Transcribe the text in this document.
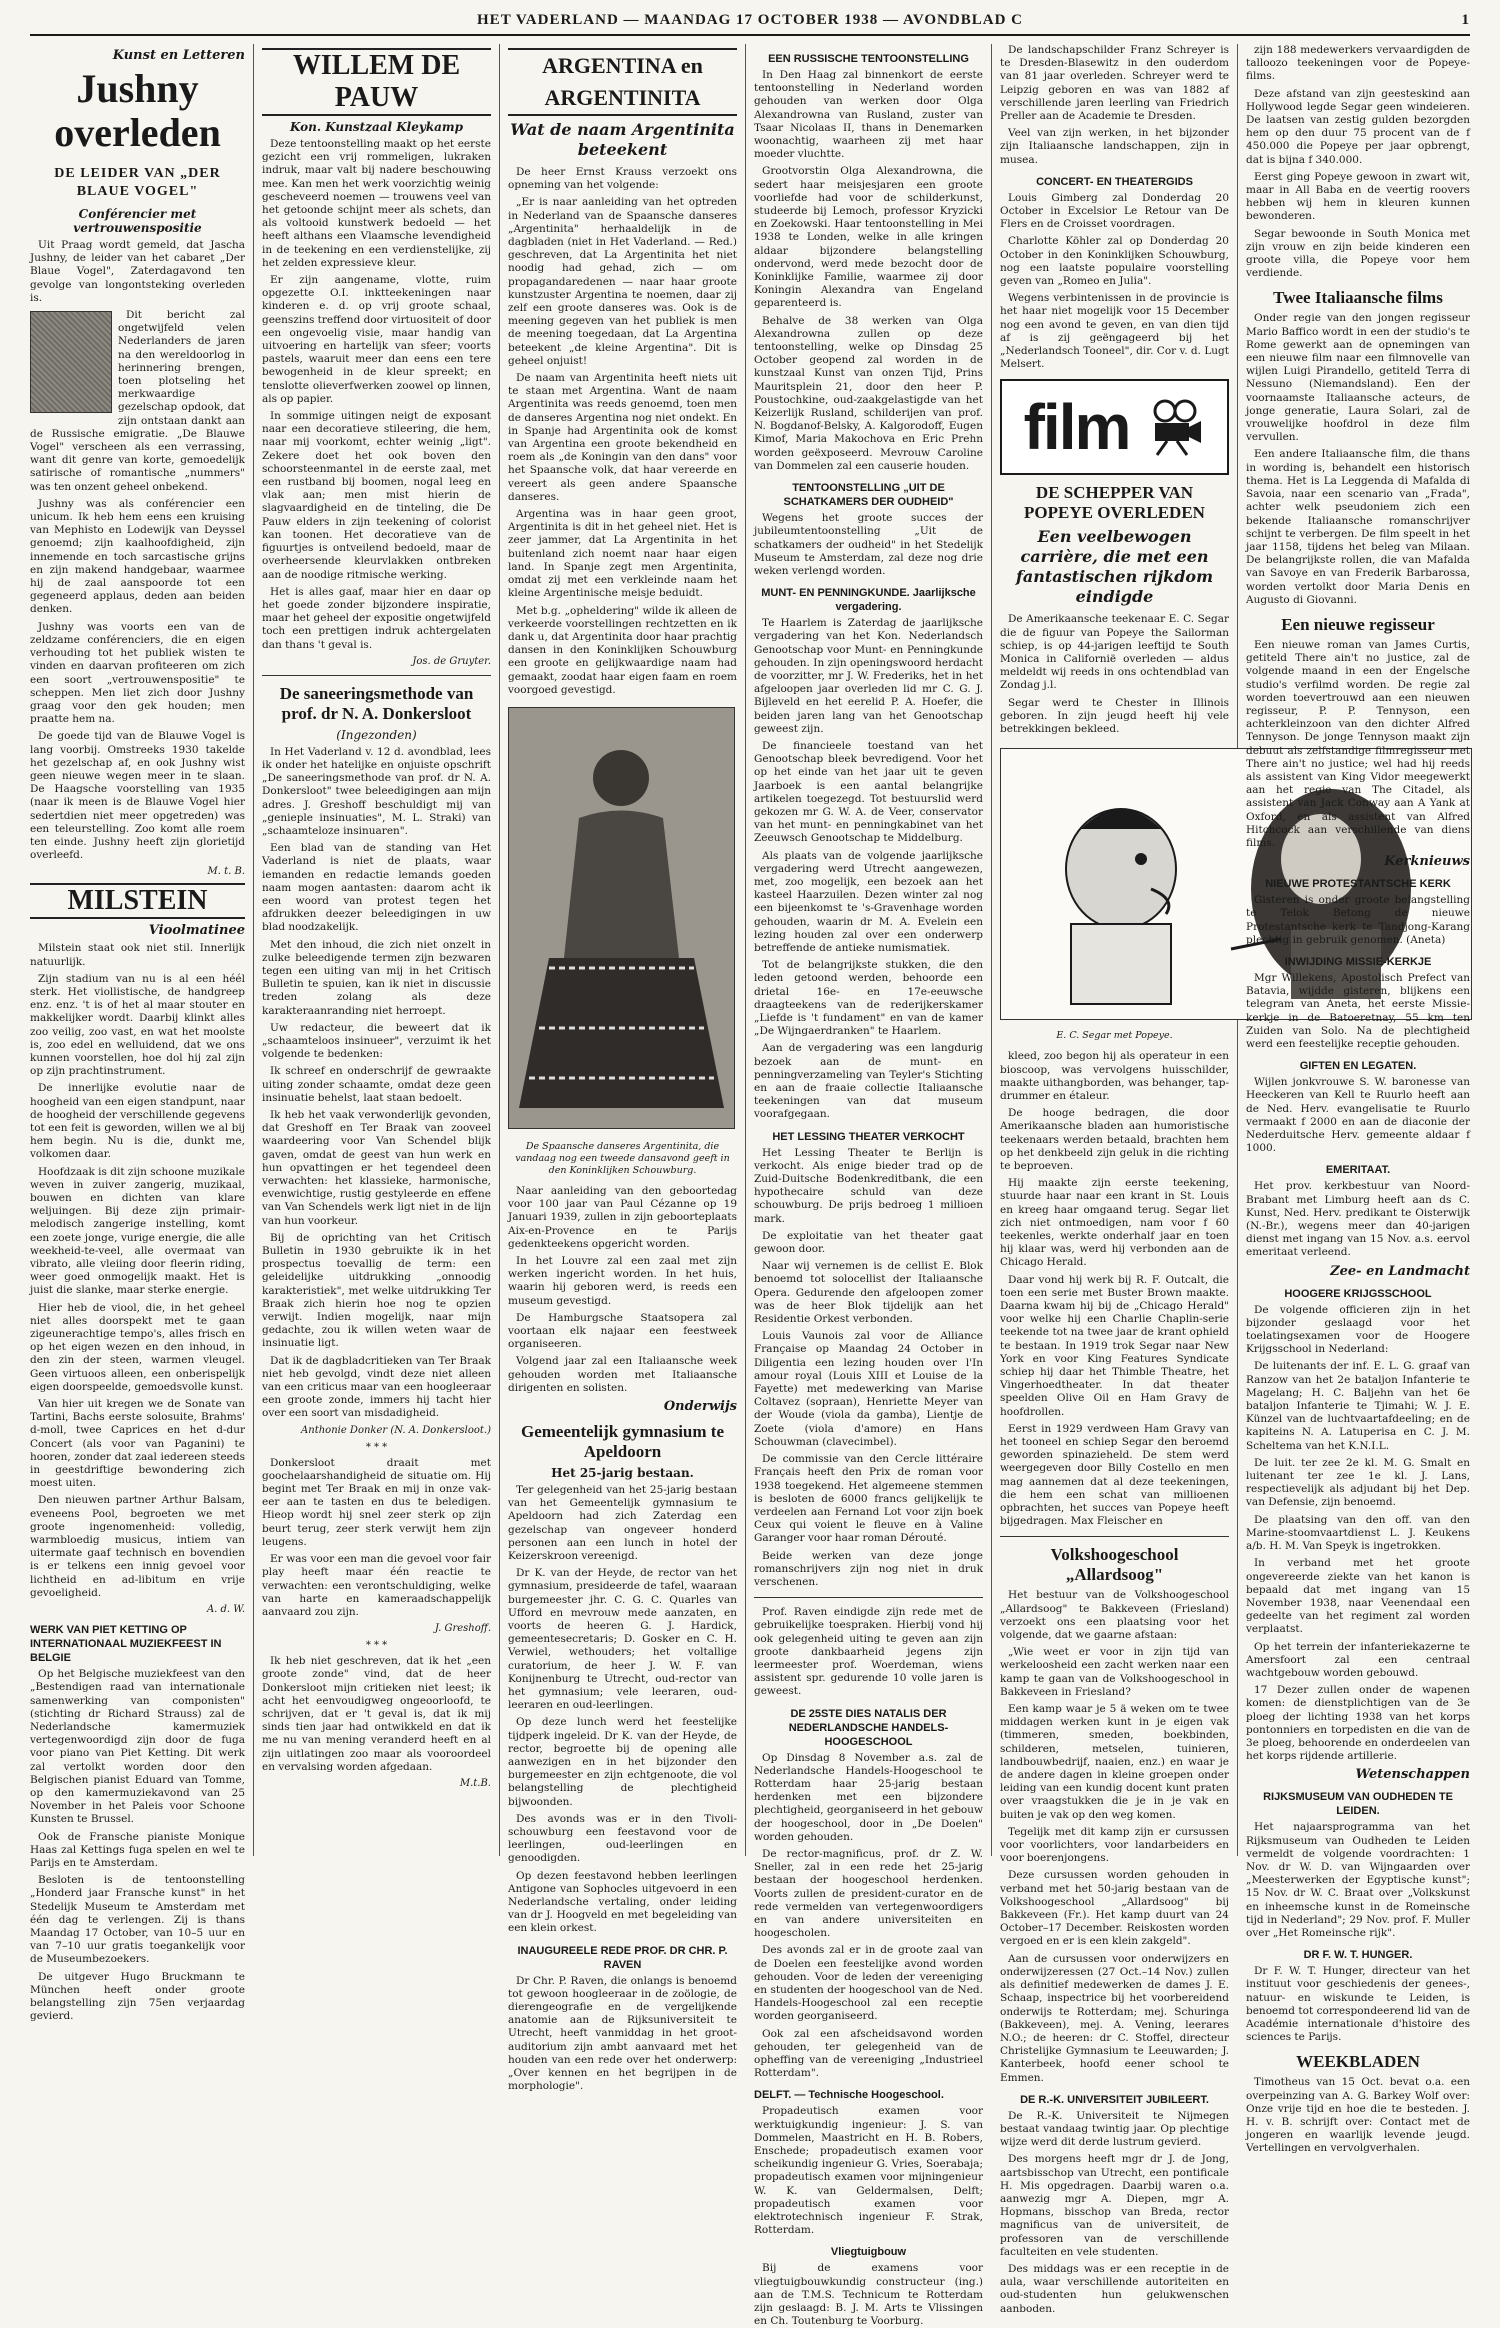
HET VADERLAND — MAANDAG 17 OCTOBER 1938 — AVONDBLAD C	1
Kunst en Letteren
Jushny overleden
DE LEIDER VAN „DER BLAUE VOGEL"
Conférencier met vertrouwenspositie

Uit Praag wordt gemeld, dat Jascha Jushny, de leider van het cabaret „Der Blaue Vogel", Zaterdagavond ten gevolge van longontsteking overleden is.

Dit bericht zal ongetwijfeld velen Nederlanders de jaren na den wereldoorlog in herinnering brengen, toen plotseling het merkwaardige gezelschap opdook, dat zijn ontstaan dankt aan de Russische emigratie. „De Blauwe Vogel" verscheen als een verrassing, want dit genre van korte, gemoedelijk satirische of romantische „nummers" was ten onzent geheel onbekend.

Jushny was als conférencier een unicum. Ik heb hem eens een kruising van Mephisto en Lodewijk van Deyssel genoemd; zijn kaalhoofdigheid, zijn innemende en toch sarcastische grijns en zijn makend handgebaar, waarmee hij de zaal aanspoorde tot een gegeneerd applaus, deden aan beiden denken.

Jushny was voorts een van de zeldzame conférenciers, die en eigen verhouding tot het publiek wisten te vinden en daarvan profiteeren om zich een soort „vertrouwenspositie" te scheppen. Men liet zich door Jushny graag voor den gek houden; men praatte hem na.

De goede tijd van de Blauwe Vogel is lang voorbij. Omstreeks 1930 takelde het gezelschap af, en ook Jushny wist geen nieuwe wegen meer in te slaan. De Haagsche voorstelling van 1935 (naar ik meen is de Blauwe Vogel hier sedertdien niet meer opgetreden) was een teleurstelling. Zoo komt alle roem ten einde. Jushny heeft zijn glorietijd overleefd.

M. t. B.
MILSTEIN
Vioolmatinee

Milstein staat ook niet stil. Innerlijk natuurlijk.

Zijn stadium van nu is al een héél sterk. Het viollistische, de handgreep enz. enz. 't is of het al maar stouter en makkelijker wordt. Daarbij klinkt alles zoo veilig, zoo vast, en wat het moolste is, zoo edel en welluidend, dat we ons kunnen voorstellen, hoe dol hij zal zijn op zijn prachtinstrument.

De innerlijke evolutie naar de hoogheid van een eigen standpunt, naar de hoogheid der verschillende gegevens tot een feit is geworden, willen we al bij hem begin. Nu is die, dunkt me, volkomen daar.

Hoofdzaak is dit zijn schoone muzikale weven in zuiver zangerig, muzikaal, bouwen en dichten van klare weljuingen. Bij deze zijn primair-melodisch zangerige instelling, komt een zoete jonge, vurige energie, die alle weekheid-te-veel, alle overmaat van vibrato, alle vleiing door fleerin riding, weer goed onmogelijk maakt. Het is juist die slanke, maar sterke energie.

Hier heb de viool, die, in het geheel niet alles doorspekt met te gaan zigeunerachtige tempo's, alles frisch en op het eigen wezen en den inhoud, in den zin der steen, warmen vleugel. Geen virtuoos alleen, een onberispelijk eigen doorspeelde, gemoedsvolle kunst.

Van hier uit kregen we de Sonate van Tartini, Bachs eerste solosuite, Brahms' d-moll, twee Caprices en het d-dur Concert (als voor van Paganini) te hooren, zonder dat zaal iedereen steeds in geestdriftige bewondering zich moest uiten.

Den nieuwen partner Arthur Balsam, eveneens Pool, begroeten we met groote ingenomenheid: volledig, warmbloedig musicus, intiem van uitermate gaaf technisch en bovendien is er telkens een innig gevoel voor lichtheid en ad-libitum en vrije gevoeligheid.

A. d. W.
WERK VAN PIET KETTING OP INTERNATIONAAL MUZIEKFEEST IN BELGIE

Op het Belgische muziekfeest van den „Bestendigen raad van internationale samenwerking van componisten" (stichting dr Richard Strauss) zal de Nederlandsche kamermuziek vertegenwoordigd zijn door de fuga voor piano van Piet Ketting. Dit werk zal vertolkt worden door den Belgischen pianist Eduard van Tomme, op den kamermuziekavond van 25 November in het Paleis voor Schoone Kunsten te Brussel.

Ook de Fransche pianiste Monique Haas zal Kettings fuga spelen en wel te Parijs en te Amsterdam.

Besloten is de tentoonstelling „Honderd jaar Fransche kunst" in het Stedelijk Museum te Amsterdam met één dag te verlengen. Zij is thans Maandag 17 October, van 10–5 uur en van 7–10 uur gratis toegankelijk voor de Museumbezoekers.

De uitgever Hugo Bruckmann te München heeft onder groote belangstelling zijn 75en verjaardag gevierd.

WILLEM DE PAUW
Kon. Kunstzaal Kleykamp

Deze tentoonstelling maakt op het eerste gezicht een vrij rommeligen, lukraken indruk, maar valt bij nadere beschouwing mee. Kan men het werk voorzichtig weinig gescheveerd noemen — trouwens veel van het getoonde schijnt meer als schets, dan als voltooid kunstwerk bedoeld — het heeft althans een Vlaamsche levendigheid in de teekening en een verdienstelijke, zij het zelden expressieve kleur.

Er zijn aangename, vlotte, ruim opgezette O.I. inktteekeningen naar kinderen e. d. op vrij groote schaal, geenszins treffend door virtuositeit of door een ongevoelig visie, maar handig van uitvoering en hartelijk van sfeer; voorts pastels, waaruit meer dan eens een tere bewogenheid in de kleur spreekt; en tenslotte olieverfwerken zoowel op linnen, als op papier.

In sommige uitingen neigt de exposant naar een decoratieve stileering, die hem, naar mij voorkomt, echter weinig „ligt". Zekere doet het ook boven den schoorsteenmantel in de eerste zaal, met een rustband bij boomen, nogal leeg en vlak aan; men mist hierin de slagvaardigheid en de tinteling, die De Pauw elders in zijn teekening of colorist kan toonen. Het decoratieve van de figuurtjes is ontveilend bedoeld, maar de overheersende kleurvlakken ontbreken aan de noodige ritmische werking.

Het is alles gaaf, maar hier en daar op het goede zonder bijzondere inspiratie, maar het geheel der expositie ongetwijfeld toch een prettigen indruk achtergelaten dan thans 't geval is.

Jos. de Gruyter.
De saneeringsmethode van prof. dr N. A. Donkersloot
(Ingezonden)

In Het Vaderland v. 12 d. avondblad, lees ik onder het hatelijke en onjuiste opschrift „De saneeringsmethode van prof. dr N. A. Donkersloot" twee beleedigingen aan mijn adres. J. Greshoff beschuldigt mij van „genieple insinuaties", M. L. Straki) van „schaamteloze insinuaren".

Een blad van de standing van Het Vaderland is niet de plaats, waar iemanden en redactie lemands goeden naam mogen aantasten: daarom acht ik een woord van protest tegen het afdrukken deezer beleedigingen in uw blad noodzakelijk.

Met den inhoud, die zich niet onzelt in zulke beleedigende termen zijn bezwaren tegen een uiting van mij in het Critisch Bulletin te spuien, kan ik niet in discussie treden zolang als deze karakteraanranding niet herroept.

Uw redacteur, die beweert dat ik „schaamteloos insinueer", verzuimt ik het volgende te bedenken:

Ik schreef en onderschrijf de gewraakte uiting zonder schaamte, omdat deze geen insinuatie behelst, laat staan bedoelt.

Ik heb het vaak verwonderlijk gevonden, dat Greshoff en Ter Braak van zooveel waardeering voor Van Schendel blijk gaven, omdat de geest van hun werk en hun opvattingen er het tegendeel deen verwachten: het klassieke, harmonische, evenwichtige, rustig gestyleerde en effene van Van Schendels werk ligt niet in de lijn van hun voorkeur.

Bij de oprichting van het Critisch Bulletin in 1930 gebruikte ik in het prospectus toevallig de term: een geleidelijke uitdrukking „onnoodig karakteristiek", met welke uitdrukking Ter Braak zich hierin hoe nog te opzien verwijt. Indien mogelijk, naar mijn gedachte, zou ik willen weten waar de insinuatie ligt.

Dat ik de dagbladcritieken van Ter Braak niet heb gevolgd, vindt deze niet alleen van een criticus maar van een hoogleeraar een groote zonde, immers hij tacht hier over een soort van misdadigheid.

Anthonie Donker (N. A. Donkersloot.)
* * *

Donkersloot draait met goochelaarshandigheid de situatie om. Hij begint met Ter Braak en mij in onze vak-eer aan te tasten en dus te beledigen. Hieop wordt hij snel zeer sterk op zijn beurt terug, zeer sterk verwijt hem zijn leugens.

Er was voor een man die gevoel voor fair play heeft maar één reactie te verwachten: een verontschuldiging, welke van harte en kameraadschappelijk aanvaard zou zijn.

J. Greshoff.
* * *

Ik heb niet geschreven, dat ik het „een groote zonde" vind, dat de heer Donkersloot mijn critieken niet leest; ik acht het eenvoudigweg ongeoorloofd, te schrijven, dat er 't geval is, dat ik mij sinds tien jaar had ontwikkeld en dat ik me nu van mening veranderd heeft en al zijn uitlatingen zoo maar als vooroordeel en vervalsing worden afgedaan.

M.t.B.
ARGENTINA en ARGENTINITA
Wat de naam Argentinita beteekent

De heer Ernst Krauss verzoekt ons opneming van het volgende:

„Er is naar aanleiding van het optreden in Nederland van de Spaansche danseres „Argentinita" herhaaldelijk in de dagbladen (niet in Het Vaderland. — Red.) geschreven, dat La Argentinita het niet noodig had gehad, zich — om propagandaredenen — naar haar groote kunstzuster Argentina te noemen, daar zij zelf een groote danseres was. Ook is de meening gegeven van het publiek is men de meening toegedaan, dat La Argentina beteekent „de kleine Argentina". Dit is geheel onjuist!

De naam van Argentinita heeft niets uit te staan met Argentina. Want de naam Argentinita was reeds genoemd, toen men de danseres Argentina nog niet ondekt. En in Spanje had Argentinita ook de komst van Argentina een groote bekendheid en roem als „de Koningin van den dans" voor het Spaansche volk, dat haar vereerde en vereert als geen andere Spaansche danseres.

Argentina was in haar geen groot, Argentinita is dit in het geheel niet. Het is zeer jammer, dat La Argentinita in het buitenland zich noemt naar haar eigen land. In Spanje zegt men Argentinita, omdat zij met een verkleinde naam het kleine Argentinische meisje beduidt.

Met b.g. „opheldering" wilde ik alleen de verkeerde voorstellingen rechtzetten en ik dank u, dat Argentinita door haar prachtig dansen in den Koninklijken Schouwburg een groote en gelijkwaardige naam had gemaakt, zoodat haar eigen faam en roem voorgoed gevestigd.

De Spaansche danseres Argentinita, die vandaag nog een tweede dansavond geeft in den Koninklijken Schouwburg.

Naar aanleiding van den geboortedag voor 100 jaar van Paul Cézanne op 19 Januari 1939, zullen in zijn geboorteplaats Aix-en-Provence en te Parijs gedenkteekens opgericht worden.

In het Louvre zal een zaal met zijn werken ingericht worden. In het huis, waarin hij geboren werd, is reeds een museum gevestigd.

De Hamburgsche Staatsopera zal voortaan elk najaar een feestweek organiseeren.

Volgend jaar zal een Italiaansche week gehouden worden met Italiaansche dirigenten en solisten.

Onderwijs
Gemeentelijk gymnasium te Apeldoorn
Het 25-jarig bestaan.

Ter gelegenheid van het 25-jarig bestaan van het Gemeentelijk gymnasium te Apeldoorn had zich Zaterdag een gezelschap van ongeveer honderd personen aan een lunch in hotel der Keizerskroon vereenigd.

Dr K. van der Heyde, de rector van het gymnasium, presideerde de tafel, waaraan burgemeester jhr. C. G. C. Quarles van Ufford en mevrouw mede aanzaten, en voorts de heeren G. J. Hardick, gemeentesecretaris; D. Gosker en C. H. Verwiel, wethouders; het voltallige curatorium, de heer J. W. F. van Konijnenburg te Utrecht, oud-rector van het gymnasium; vele leeraren, oud-leeraren en oud-leerlingen.

Op deze lunch werd het feestelijke tijdperk ingeleid. Dr K. van der Heyde, de rector, begroette bij de opening alle aanwezigen en in het bijzonder den burgemeester en zijn echtgenoote, die vol belangstelling de plechtigheid bijwoonden.

Des avonds was er in den Tivoli-schouwburg een feestavond voor de leerlingen, oud-leerlingen en genoodigden.

Op dezen feestavond hebben leerlingen Antigone van Sophocles uitgevoerd in een Nederlandsche vertaling, onder leiding van dr J. Hoogveld en met begeleiding van een klein orkest.

INAUGUREELE REDE PROF. DR CHR. P. RAVEN

Dr Chr. P. Raven, die onlangs is benoemd tot gewoon hoogleeraar in de zoölogie, de dierengeografie en de vergelijkende anatomie aan de Rijksuniversiteit te Utrecht, heeft vanmiddag in het groot-auditorium zijn ambt aanvaard met het houden van een rede over het onderwerp: „Over kennen en het begrijpen in de morphologie".

EEN RUSSISCHE TENTOONSTELLING

In Den Haag zal binnenkort de eerste tentoonstelling in Nederland worden gehouden van werken door Olga Alexandrowna van Rusland, zuster van Tsaar Nicolaas II, thans in Denemarken woonachtig, waarheen zij met haar moeder vluchtte.

Grootvorstin Olga Alexandrowna, die sedert haar meisjesjaren een groote voorliefde had voor de schilderkunst, studeerde bij Lemoch, professor Kryzicki en Zoekowski. Haar tentoonstelling in Mei 1938 te Londen, welke in alle kringen aldaar bijzondere belangstelling ondervond, werd mede bezocht door de Koninklijke Familie, waarmee zij door Koningin Alexandra van Engeland geparenteerd is.

Behalve de 38 werken van Olga Alexandrowna zullen op deze tentoonstelling, welke op Dinsdag 25 October geopend zal worden in de kunstzaal Kunst van onzen Tijd, Prins Mauritsplein 21, door den heer P. Poustochkine, oud-zaakgelastigde van het Keizerlijk Rusland, schilderijen van prof. N. Bogdanof-Belsky, A. Kalgorodoff, Eugen Kimof, Maria Makochova en Eric Prehn worden geëxposeerd. Mevrouw Caroline van Dommelen zal een causerie houden.

TENTOONSTELLING „UIT DE SCHATKAMERS DER OUDHEID"

Wegens het groote succes der jubileumtentoonstelling „Uit de schatkamers der oudheid" in het Stedelijk Museum te Amsterdam, zal deze nog drie weken verlengd worden.

MUNT- EN PENNINGKUNDE. Jaarlijksche vergadering.

Te Haarlem is Zaterdag de jaarlijksche vergadering van het Kon. Nederlandsch Genootschap voor Munt- en Penningkunde gehouden. In zijn openingswoord herdacht de voorzitter, mr J. W. Frederiks, het in het afgeloopen jaar overleden lid mr C. G. J. Bijleveld en het eerelid P. A. Hoefer, die beiden jaren lang van het Genootschap geweest zijn.

De financieele toestand van het Genootschap bleek bevredigend. Voor het op het einde van het jaar uit te geven Jaarboek is een aantal belangrijke artikelen toegezegd. Tot bestuurslid werd gekozen mr G. W. A. de Veer, conservator van het munt- en penningkabinet van het Zeeuwsch Genootschap te Middelburg.

Als plaats van de volgende jaarlijksche vergadering werd Utrecht aangewezen, met, zoo mogelijk, een bezoek aan het kasteel Haarzuilen. Dezen winter zal nog een bijeenkomst te 's-Gravenhage worden gehouden, waarin dr M. A. Evelein een lezing houden zal over een onderwerp betreffende de antieke numismatiek.

Tot de belangrijkste stukken, die den leden getoond werden, behoorde een drietal 16e- en 17e-eeuwsche draagteekens van de rederijkerskamer „Liefde is 't fundament" en van de kamer „De Wijngaerdranken" te Haarlem.

Aan de vergadering was een langdurig bezoek aan de munt- en penningverzameling van Teyler's Stichting en aan de fraaie collectie Italiaansche teekeningen van dat museum voorafgegaan.

HET LESSING THEATER VERKOCHT

Het Lessing Theater te Berlijn is verkocht. Als enige bieder trad op de Zuid-Duitsche Bodenkreditbank, die een hypothecaire schuld van deze schouwburg. De prijs bedroeg 1 millioen mark.

De exploitatie van het theater gaat gewoon door.

Naar wij vernemen is de cellist E. Blok benoemd tot solocellist der Italiaansche Opera. Gedurende den afgeloopen zomer was de heer Blok tijdelijk aan het Residentie Orkest verbonden.

Louis Vaunois zal voor de Alliance Française op Maandag 24 October in Diligentia een lezing houden over l'In amour royal (Louis XIII et Louise de la Fayette) met medewerking van Marise Coltavez (sopraan), Henriette Meyer van der Woude (viola da gamba), Lientje de Zoete (viola d'amore) en Hans Schouwman (clavecimbel).

De commissie van den Cercle littéraire Français heeft den Prix de roman voor 1938 toegekend. Het algemeene stemmen is besloten de 6000 francs gelijkelijk te verdeelen aan Fernand Lot voor zijn boek Ceux qui voient le fleuve en à Valine Garanger voor haar roman Dérouté.

Beide werken van deze jonge romanschrijvers zijn nog niet in druk verschenen.

Prof. Raven eindigde zijn rede met de gebruikelijke toespraken. Hierbij vond hij ook gelegenheid uiting te geven aan zijn groote dankbaarheid jegens zijn leermeester prof. Woerdeman, wiens assistent spr. gedurende 10 volle jaren is geweest.

DE 25STE DIES NATALIS DER NEDERLANDSCHE HANDELS-HOOGESCHOOL

Op Dinsdag 8 November a.s. zal de Nederlandsche Handels-Hoogeschool te Rotterdam haar 25-jarig bestaan herdenken met een bijzondere plechtigheid, georganiseerd in het gebouw der hoogeschool, door in „De Doelen" worden gehouden.

De rector-magnificus, prof. dr Z. W. Sneller, zal in een rede het 25-jarig bestaan der hoogeschool herdenken. Voorts zullen de president-curator en de rede vermelden van vertegenwoordigers en van andere universiteiten en hoogescholen.

Des avonds zal er in de groote zaal van de Doelen een feestelijke avond worden gehouden. Voor de leden der vereeniging en studenten der hoogeschool van de Ned. Handels-Hoogeschool zal een receptie worden georganiseerd.

Ook zal een afscheidsavond worden gehouden, ter gelegenheid van de opheffing van de vereeniging „Industrieel Rotterdam".

DELFT. — Technische Hoogeschool.

Propadeutisch examen voor werktuigkundig ingenieur: J. S. van Dommelen, Maastricht en H. B. Robers, Enschede; propadeutisch examen voor scheikundig ingenieur G. Vries, Soerabaja; propadeutisch examen voor mijningenieur W. K. van Geldermalsen, Delft; propadeutisch examen voor elektrotechnisch ingenieur F. Strak, Rotterdam.

Vliegtuigbouw

Bij de examens voor vliegtuigbouwkundig constructeur (ing.) aan de T.M.S. Technicum te Rotterdam zijn geslaagd: B. J. M. Arts te Vlissingen en Ch. Toutenburg te Voorburg.

De landschapschilder Franz Schreyer is te Dresden-Blasewitz in den ouderdom van 81 jaar overleden. Schreyer werd te Leipzig geboren en was van 1882 af verschillende jaren leerling van Friedrich Preller aan de Academie te Dresden.

Veel van zijn werken, in het bijzonder zijn Italiaansche landschappen, zijn in musea.

CONCERT- EN THEATERGIDS

Louis Gimberg zal Donderdag 20 October in Excelsior Le Retour van De Flers en de Croisset voordragen.

Charlotte Köhler zal op Donderdag 20 October in den Koninklijken Schouwburg, nog een laatste populaire voorstelling geven van „Romeo en Julia".

Wegens verbintenissen in de provincie is het haar niet mogelijk voor 15 December nog een avond te geven, en van dien tijd af is zij geëngageerd bij het „Nederlandsch Tooneel", dir. Cor v. d. Lugt Melsert.

film
DE SCHEPPER VAN POPEYE OVERLEDEN
Een veelbewogen carrière, die met een fantastischen rijkdom eindigde

De Amerikaansche teekenaar E. C. Segar die de figuur van Popeye the Sailorman schiep, is op 44-jarigen leeftijd te South Monica in Californië overleden — aldus meldeldt wij reeds in ons ochtendblad van Zondag j.l.

Segar werd te Chester in Illinois geboren. In zijn jeugd heeft hij vele betrekkingen bekleed.

E. C. Segar met Popeye.

kleed, zoo begon hij als operateur in een bioscoop, was vervolgens huisschilder, maakte uithangborden, was behanger, tap-drummer en étaleur.

De hooge bedragen, die door Amerikaansche bladen aan humoristische teekenaars werden betaald, brachten hem op het denkbeeld zijn geluk in die richting te beproeven.

Hij maakte zijn eerste teekening, stuurde haar naar een krant in St. Louis en kreeg haar omgaand terug. Segar liet zich niet ontmoedigen, nam voor f 60 teekenles, werkte onderhalf jaar en toen hij klaar was, werd hij verbonden aan de Chicago Herald.

Daar vond hij werk bij R. F. Outcalt, die toen een serie met Buster Brown maakte. Daarna kwam hij bij de „Chicago Herald" voor welke hij een Charlie Chaplin-serie teekende tot na twee jaar de krant ophield te bestaan. In 1919 trok Segar naar New York en voor King Features Syndicate schiep hij daar het Thimble Theatre, het Vingerhoedtheater. In dat theater speelden Olive Oil en Ham Gravy de hoofdrollen.

Eerst in 1929 verdween Ham Gravy van het tooneel en schiep Segar den beroemd geworden spinazieheld. De stem werd weergegeven door Billy Costello en men mag aannemen dat al deze teekeningen, die hem een schat van millioenen opbrachten, het succes van Popeye heeft bijgedragen. Max Fleischer en

Volkshoogeschool „Allardsoog"

Het bestuur van de Volkshoogeschool „Allardsoog" te Bakkeveen (Friesland) verzoekt ons een plaatsing voor het volgende, dat we gaarne afstaan:

„Wie weet er voor in zijn tijd van werkeloosheid een zacht werken naar een kamp te gaan van de Volkshoogeschool in Bakkeveen in Friesland?

Een kamp waar je 5 ä weken om te twee middagen werken kunt in je eigen vak (timmeren, smeden, boekbinden, schilderen, metselen, tuinieren, landbouwbedrijf, naaien, enz.) en waar je de andere dagen in kleine groepen onder leiding van een kundig docent kunt praten over vraagstukken die je in je vak en buiten je vak op den weg komen.

Tegelijk met dit kamp zijn er cursussen voor voorlichters, voor landarbeiders en voor boerenjongens.

Deze cursussen worden gehouden in verband met het 50-jarig bestaan van de Volkshoogeschool „Allardsoog" bij Bakkeveen (Fr.). Het kamp duurt van 24 October–17 December. Reiskosten worden vergoed en er is een klein zakgeld".

Aan de cursussen voor onderwijzers en onderwijzeressen (27 Oct.–14 Nov.) zullen als definitief medewerken de dames J. E. Schaap, inspectrice bij het voorbereidend onderwijs te Rotterdam; mej. Schuringa (Bakkeveen), mej. A. Vening, leerares N.O.; de heeren: dr C. Stoffel, directeur Christelijke Gymnasium te Leeuwarden; J. Kanterbeek, hoofd eener school te Emmen.

DE R.-K. UNIVERSITEIT JUBILEERT.

De R.-K. Universiteit te Nijmegen bestaat vandaag twintig jaar. Op plechtige wijze werd dit derde lustrum gevierd.

Des morgens heeft mgr dr J. de Jong, aartsbisschop van Utrecht, een pontificale H. Mis opgedragen. Daarbij waren o.a. aanwezig mgr A. Diepen, mgr A. Hopmans, bisschop van Breda, rector magnificus van de universiteit, de professoren van de verschillende faculteiten en vele studenten.

Des middags was er een receptie in de aula, waar verschillende autoriteiten en oud-studenten hun gelukwenschen aanboden.

zijn 188 medewerkers vervaardigden de talloozo teekeningen voor de Popeye-films.

Deze afstand van zijn geesteskind aan Hollywood legde Segar geen windeieren. De laatsen van zestig gulden bezorgden hem op den duur 75 procent van de f 450.000 die Popeye per jaar opbrengt, dat is bijna f 340.000.

Eerst ging Popeye gewoon in zwart wit, maar in All Baba en de veertig roovers hebben wij hem in kleuren kunnen bewonderen.

Segar bewoonde in South Monica met zijn vrouw en zijn beide kinderen een groote villa, die Popeye voor hem verdiende.

Twee Italiaansche films

Onder regie van den jongen regisseur Mario Baffico wordt in een der studio's te Rome gewerkt aan de opnemingen van een nieuwe film naar een filmnovelle van wijlen Luigi Pirandello, getiteld Terra di Nessuno (Niemandsland). Een der voornaamste Italiaansche acteurs, de jonge generatie, Laura Solari, zal de vrouwelijke hoofdrol in deze film vervullen.

Een andere Italiaansche film, die thans in wording is, behandelt een historisch thema. Het is La Leggenda di Mafalda di Savoia, naar een scenario van „Frada", achter welk pseudoniem zich een bekende Italiaansche romanschrijver schijnt te verbergen. De film speelt in het jaar 1158, tijdens het beleg van Milaan. De belangrijkste rollen, die van Mafalda van Savoye en van Frederik Barbarossa, worden vertolkt door Maria Denis en Augusto di Giovanni.

Een nieuwe regisseur

Een nieuwe roman van James Curtis, getiteld There ain't no justice, zal de volgende maand in een der Engelsche studio's verfilmd worden. De regie zal worden toevertrouwd aan een nieuwen regisseur, P. P. Tennyson, een achterkleinzoon van den dichter Alfred Tennyson. De jonge Tennyson maakt zijn debuut als zelfstandige filmregisseur met There ain't no justice; wel had hij reeds als assistent van King Vidor meegewerkt aan het regie van The Citadel, als assistent van Jack Conway aan A Yank at Oxford, en als assistent van Alfred Hitchcock aan verschillende van diens films.

Kerknieuws
NIEUWE PROTESTANTSCHE KERK

Gisteren is onder groote belangstelling te Telok Betong de nieuwe Protestantsche kerk te Tandjong-Karang plechtig in gebruik genomen. (Aneta)

INWIJDING MISSIE-KERKJE

Mgr Willekens, Apostolisch Prefect van Batavia, wijdde gisteren, blijkens een telegram van Aneta, het eerste Missie-kerkje in de Batoeretnay, 55 km ten Zuiden van Solo. Na de plechtigheid werd een feestelijke receptie gehouden.

GIFTEN EN LEGATEN.

Wijlen jonkvrouwe S. W. baronesse van Heeckeren van Kell te Ruurlo heeft aan de Ned. Herv. evangelisatie te Ruurlo vermaakt f 2000 en aan de diaconie der Nederduitsche Herv. gemeente aldaar f 1000.

EMERITAAT.

Het prov. kerkbestuur van Noord-Brabant met Limburg heeft aan ds C. Kunst, Ned. Herv. predikant te Oisterwijk (N.-Br.), wegens meer dan 40-jarigen dienst met ingang van 15 Nov. a.s. eervol emeritaat verleend.

Zee- en Landmacht
HOOGERE KRIJGSSCHOOL

De volgende officieren zijn in het bijzonder geslaagd voor het toelatingsexamen voor de Hoogere Krijgsschool in Nederland:

De luitenants der inf. E. L. G. graaf van Ranzow van het 2e bataljon Infanterie te Magelang; H. C. Baljehn van het 6e bataljon Infanterie te Tjimahi; W. J. E. Künzel van de luchtvaartafdeeling; en de kapiteins N. A. Latuperisa en C. J. M. Scheltema van het K.N.I.L.

De luit. ter zee 2e kl. M. G. Smalt en luitenant ter zee 1e kl. J. Lans, respectievelijk als adjudant bij het Dep. van Defensie, zijn benoemd.

De plaatsing van den off. van den Marine-stoomvaartdienst L. J. Keukens a/b. H. M. Van Speyk is ingetrokken.

In verband met het groote ongevereerde ziekte van het kanon is bepaald dat met ingang van 15 November 1938, naar Veenendaal een gedeelte van het regiment zal worden verplaatst.

Op het terrein der infanteriekazerne te Amersfoort zal een centraal wachtgebouw worden gebouwd.

17 Dezer zullen onder de wapenen komen: de dienstplichtigen van de 3e ploeg der lichting 1938 van het korps pontonniers en torpedisten en die van de 3e ploeg, behoorende en onderdeelen van het korps rijdende artillerie.

Wetenschappen
RIJKSMUSEUM VAN OUDHEDEN TE LEIDEN.

Het najaarsprogramma van het Rijksmuseum van Oudheden te Leiden vermeldt de volgende voordrachten: 1 Nov. dr W. D. van Wijngaarden over „Meesterwerken der Egyptische kunst"; 15 Nov. dr W. C. Braat over „Volkskunst en inheemsche kunst in de Romeinsche tijd in Nederland"; 29 Nov. prof. F. Muller over „Het Romeinsche rijk".

DR F. W. T. HUNGER.

Dr F. W. T. Hunger, directeur van het instituut voor geschiedenis der genees-, natuur- en wiskunde te Leiden, is benoemd tot correspondeerend lid van de Académie internationale d'histoire des sciences te Parijs.

WEEKBLADEN

Timotheus van 15 Oct. bevat o.a. een overpeinzing van A. G. Barkey Wolf over: Onze vrije tijd en hoe die te besteden. J. H. v. B. schrijft over: Contact met de jongeren en waarlijk levende jeugd. Vertellingen en vervolgverhalen.
